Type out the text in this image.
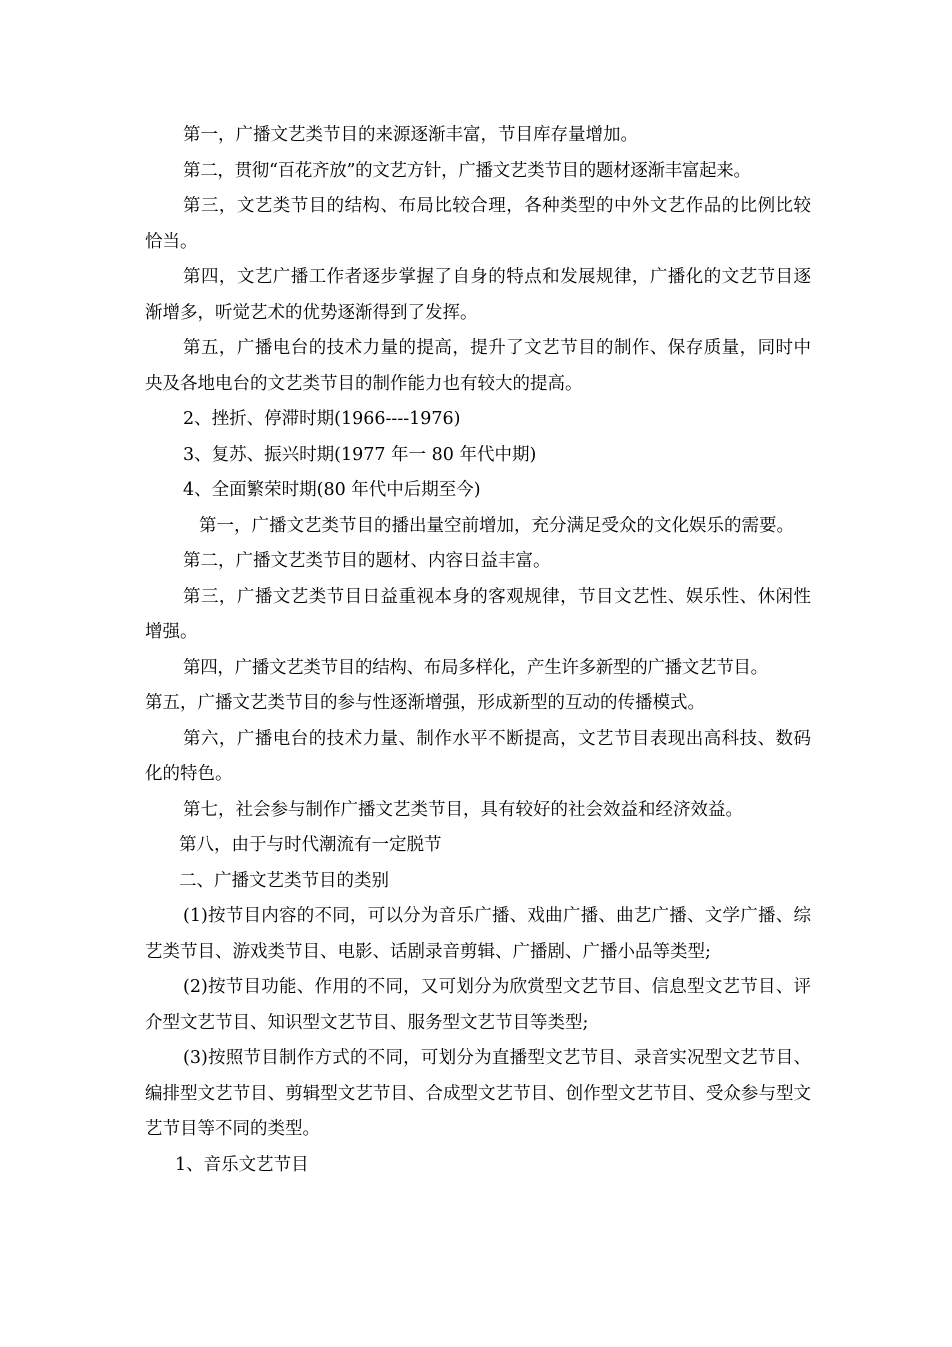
第一，广播文艺类节目的来源逐渐丰富，节目库存量增加。

第二，贯彻“百花齐放”的文艺方针，广播文艺类节目的题材逐渐丰富起来。

第三，文艺类节目的结构、布局比较合理，各种类型的中外文艺作品的比例比较恰当。

第四，文艺广播工作者逐步掌握了自身的特点和发展规律，广播化的文艺节目逐渐增多，听觉艺术的优势逐渐得到了发挥。

第五，广播电台的技术力量的提高，提升了文艺节目的制作、保存质量，同时中央及各地电台的文艺类节目的制作能力也有较大的提高。

2、挫折、停滞时期(1966----1976)

3、复苏、振兴时期(1977 年一 80 年代中期)

4、全面繁荣时期(80 年代中后期至今)

第一，广播文艺类节目的播出量空前增加，充分满足受众的文化娱乐的需要。

第二，广播文艺类节目的题材、内容日益丰富。

第三，广播文艺类节目日益重视本身的客观规律，节目文艺性、娱乐性、休闲性增强。

第四，广播文艺类节目的结构、布局多样化，产生许多新型的广播文艺节目。

第五，广播文艺类节目的参与性逐渐增强，形成新型的互动的传播模式。

第六，广播电台的技术力量、制作水平不断提高，文艺节目表现出高科技、数码化的特色。

第七，社会参与制作广播文艺类节目，具有较好的社会效益和经济效益。

第八，由于与时代潮流有一定脱节

二、广播文艺类节目的类别

(1)按节目内容的不同，可以分为音乐广播、戏曲广播、曲艺广播、文学广播、综艺类节目、游戏类节目、电影、话剧录音剪辑、广播剧、广播小品等类型;

(2)按节目功能、作用的不同，又可划分为欣赏型文艺节目、信息型文艺节目、评介型文艺节目、知识型文艺节目、服务型文艺节目等类型;

(3)按照节目制作方式的不同，可划分为直播型文艺节目、录音实况型文艺节目、编排型文艺节目、剪辑型文艺节目、合成型文艺节目、创作型文艺节目、受众参与型文艺节目等不同的类型。

1、音乐文艺节目
